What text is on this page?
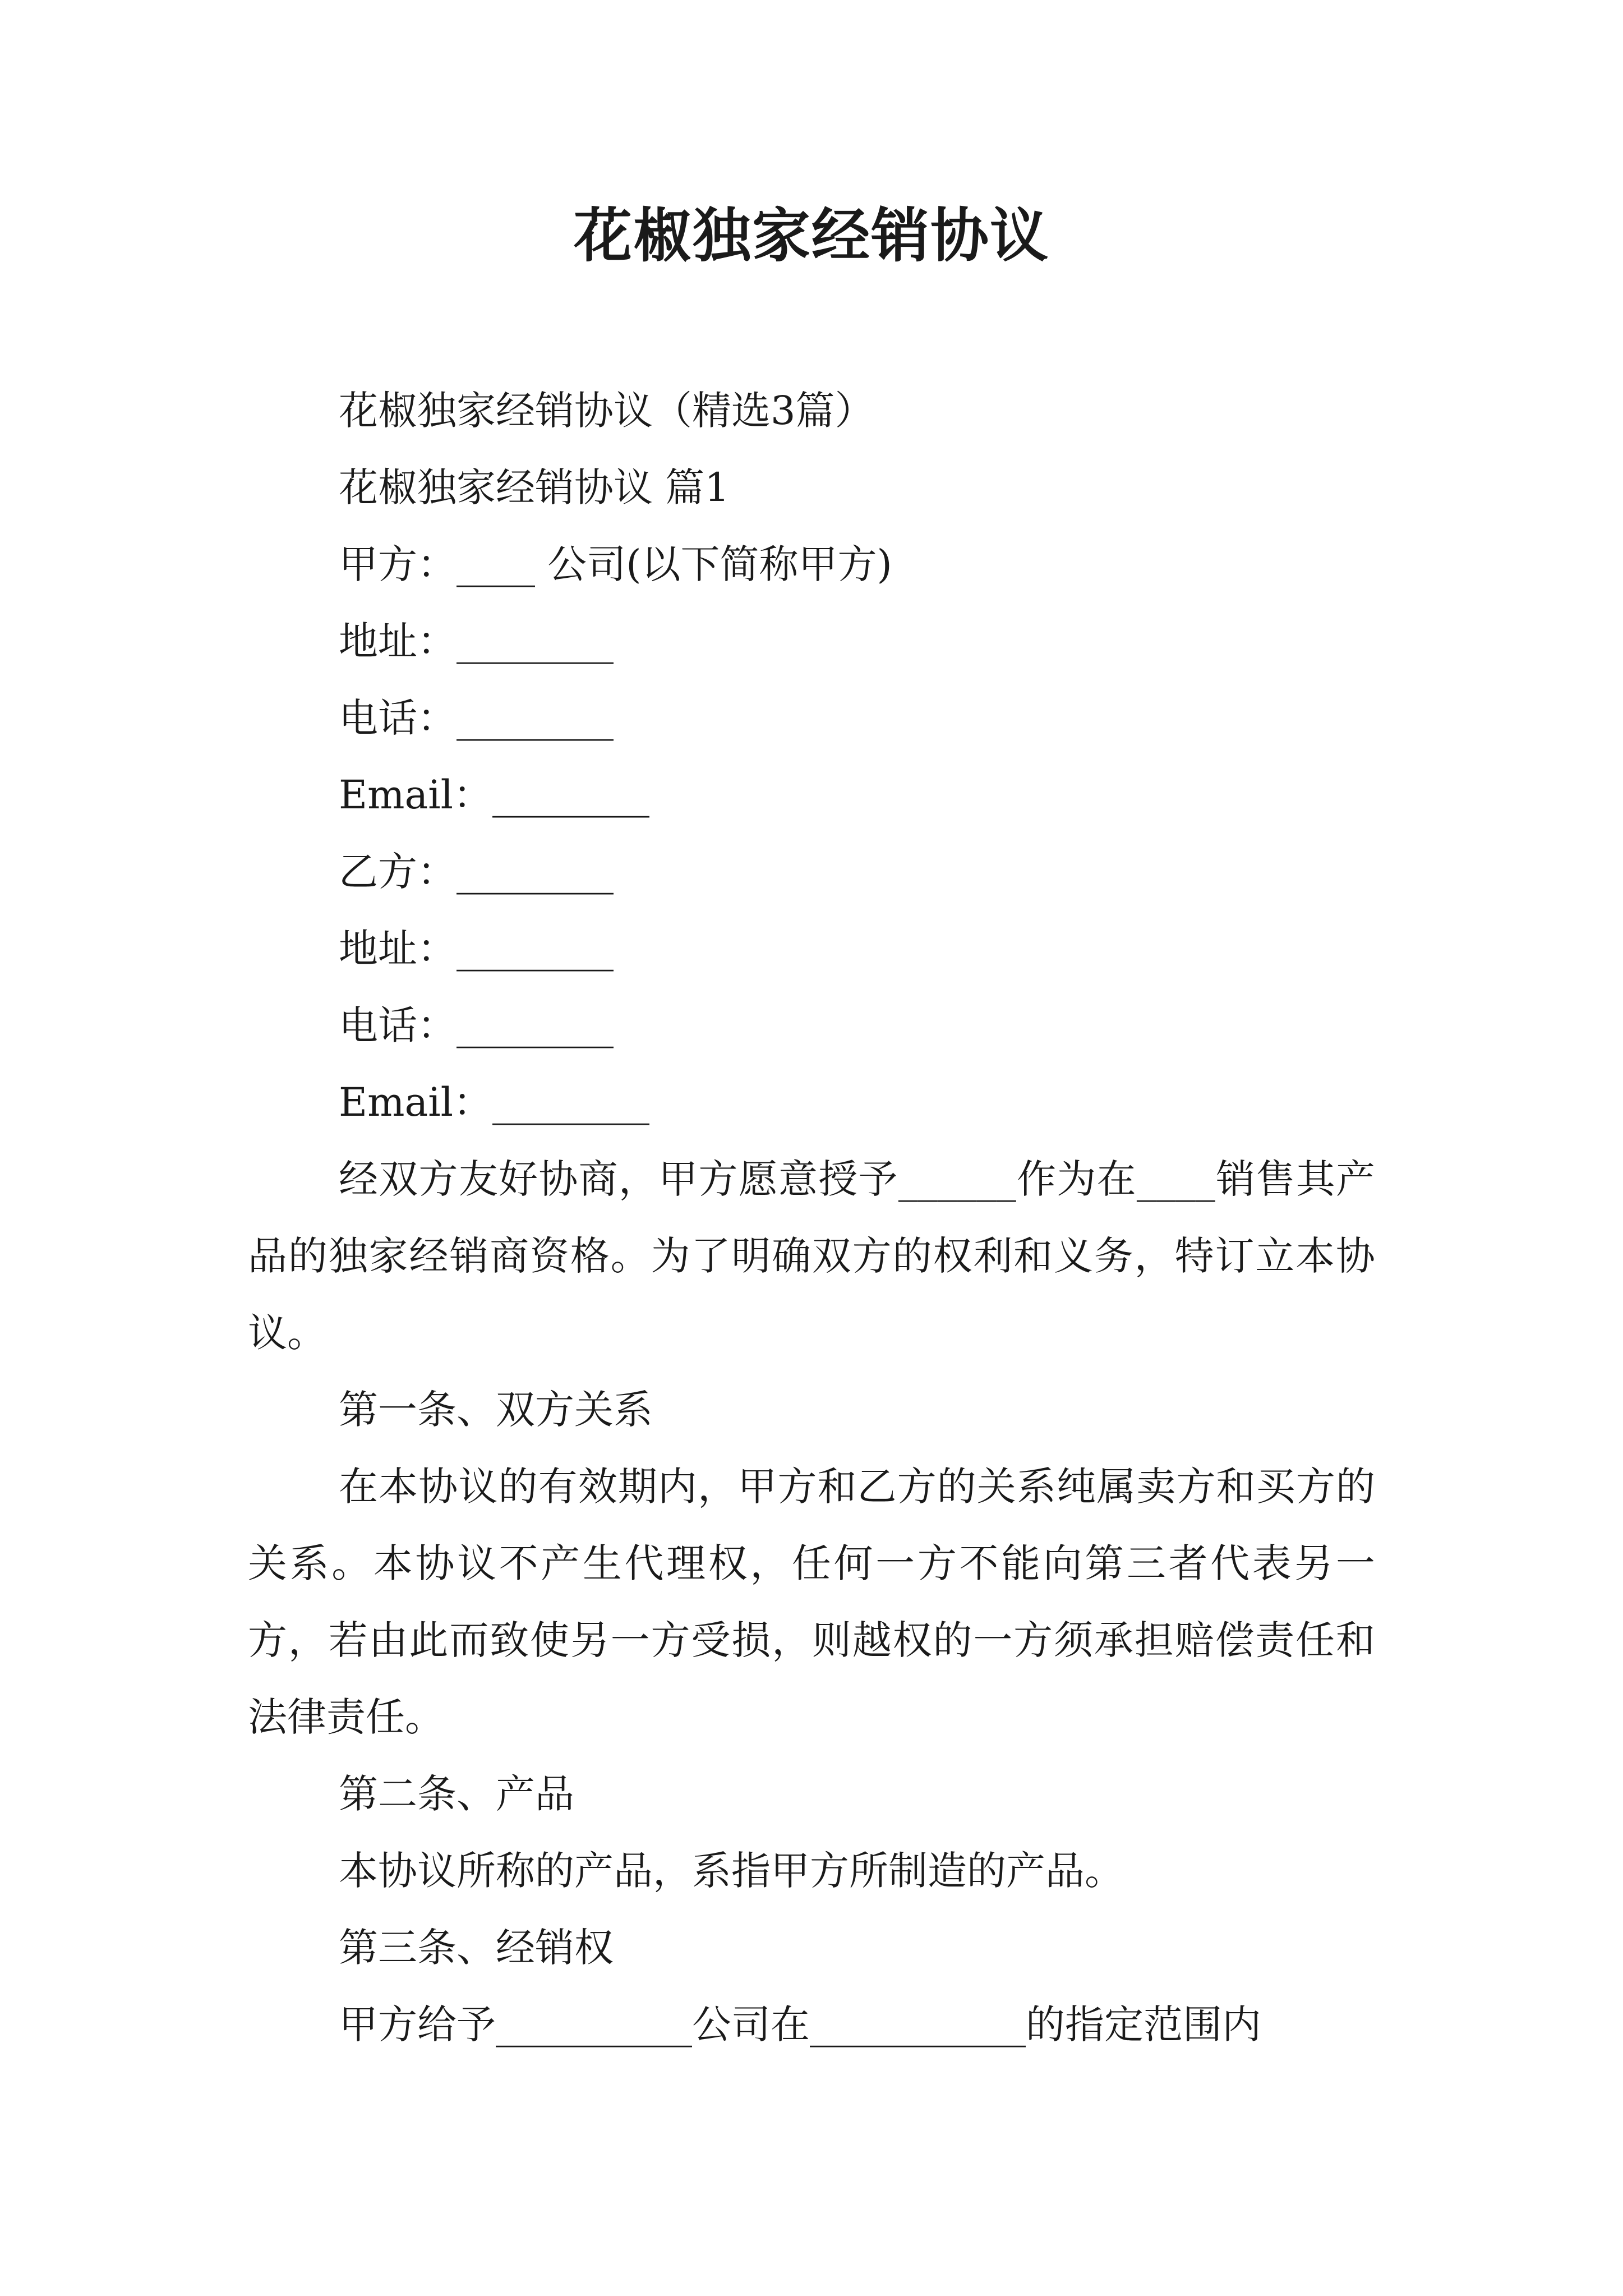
花椒独家经销协议

花椒独家经销协议（精选3篇）

花椒独家经销协议 篇1

甲方：____ 公司(以下简称甲方)

地址：________

电话：________

Email：________

乙方：________

地址：________

电话：________

Email：________

经双方友好协商，甲方愿意授予______作为在____销售其产品的独家经销商资格。为了明确双方的权利和义务，特订立本协议。

第一条、双方关系

在本协议的有效期内，甲方和乙方的关系纯属卖方和买方的关系。本协议不产生代理权，任何一方不能向第三者代表另一方，若由此而致使另一方受损，则越权的一方须承担赔偿责任和法律责任。

第二条、产品

本协议所称的产品，系指甲方所制造的产品。

第三条、经销权

甲方给予__________公司在___________的指定范围内
